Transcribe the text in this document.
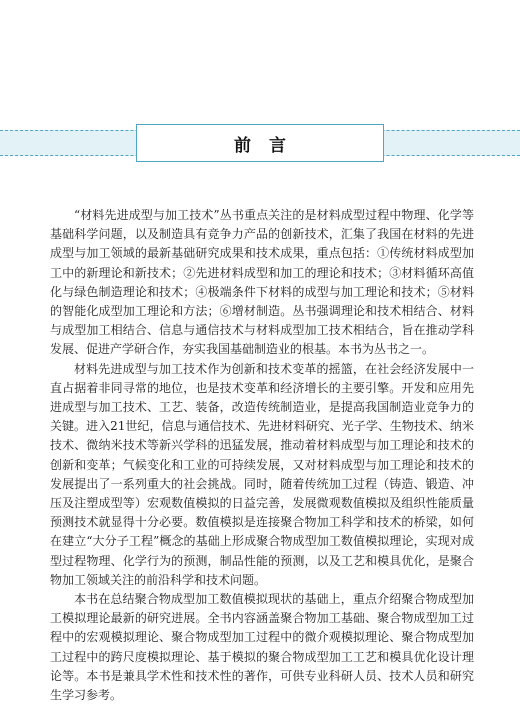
前言

“材料先进成型与加工技术”丛书重点关注的是材料成型过程中物理、化学等基础科学问题，以及制造具有竞争力产品的创新技术，汇集了我国在材料的先进成型与加工领域的最新基础研究成果和技术成果，重点包括：①传统材料成型加工中的新理论和新技术；②先进材料成型和加工的理论和技术；③材料循环高值化与绿色制造理论和技术；④极端条件下材料的成型与加工理论和技术；⑤材料的智能化成型加工理论和方法；⑥增材制造。丛书强调理论和技术相结合、材料与成型加工相结合、信息与通信技术与材料成型加工技术相结合，旨在推动学科发展、促进产学研合作，夯实我国基础制造业的根基。本书为丛书之一。

材料先进成型与加工技术作为创新和技术变革的摇篮，在社会经济发展中一直占据着非同寻常的地位，也是技术变革和经济增长的主要引擎。开发和应用先进成型与加工技术、工艺、装备，改造传统制造业，是提高我国制造业竞争力的关键。进入21世纪，信息与通信技术、先进材料研究、光子学、生物技术、纳米技术、微纳米技术等新兴学科的迅猛发展，推动着材料成型与加工理论和技术的创新和变革；气候变化和工业的可持续发展，又对材料成型与加工理论和技术的发展提出了一系列重大的社会挑战。同时，随着传统加工过程（铸造、锻造、冲压及注塑成型等）宏观数值模拟的日益完善，发展微观数值模拟及组织性能质量预测技术就显得十分必要。数值模拟是连接聚合物加工科学和技术的桥梁，如何在建立“大分子工程”概念的基础上形成聚合物成型加工数值模拟理论，实现对成型过程物理、化学行为的预测，制品性能的预测，以及工艺和模具优化，是聚合物加工领域关注的前沿科学和技术问题。

本书在总结聚合物成型加工数值模拟现状的基础上，重点介绍聚合物成型加工模拟理论最新的研究进展。全书内容涵盖聚合物加工基础、聚合物成型加工过程中的宏观模拟理论、聚合物成型加工过程中的微介观模拟理论、聚合物成型加工过程中的跨尺度模拟理论、基于模拟的聚合物成型加工工艺和模具优化设计理论等。本书是兼具学术性和技术性的著作，可供专业科研人员、技术人员和研究生学习参考。
